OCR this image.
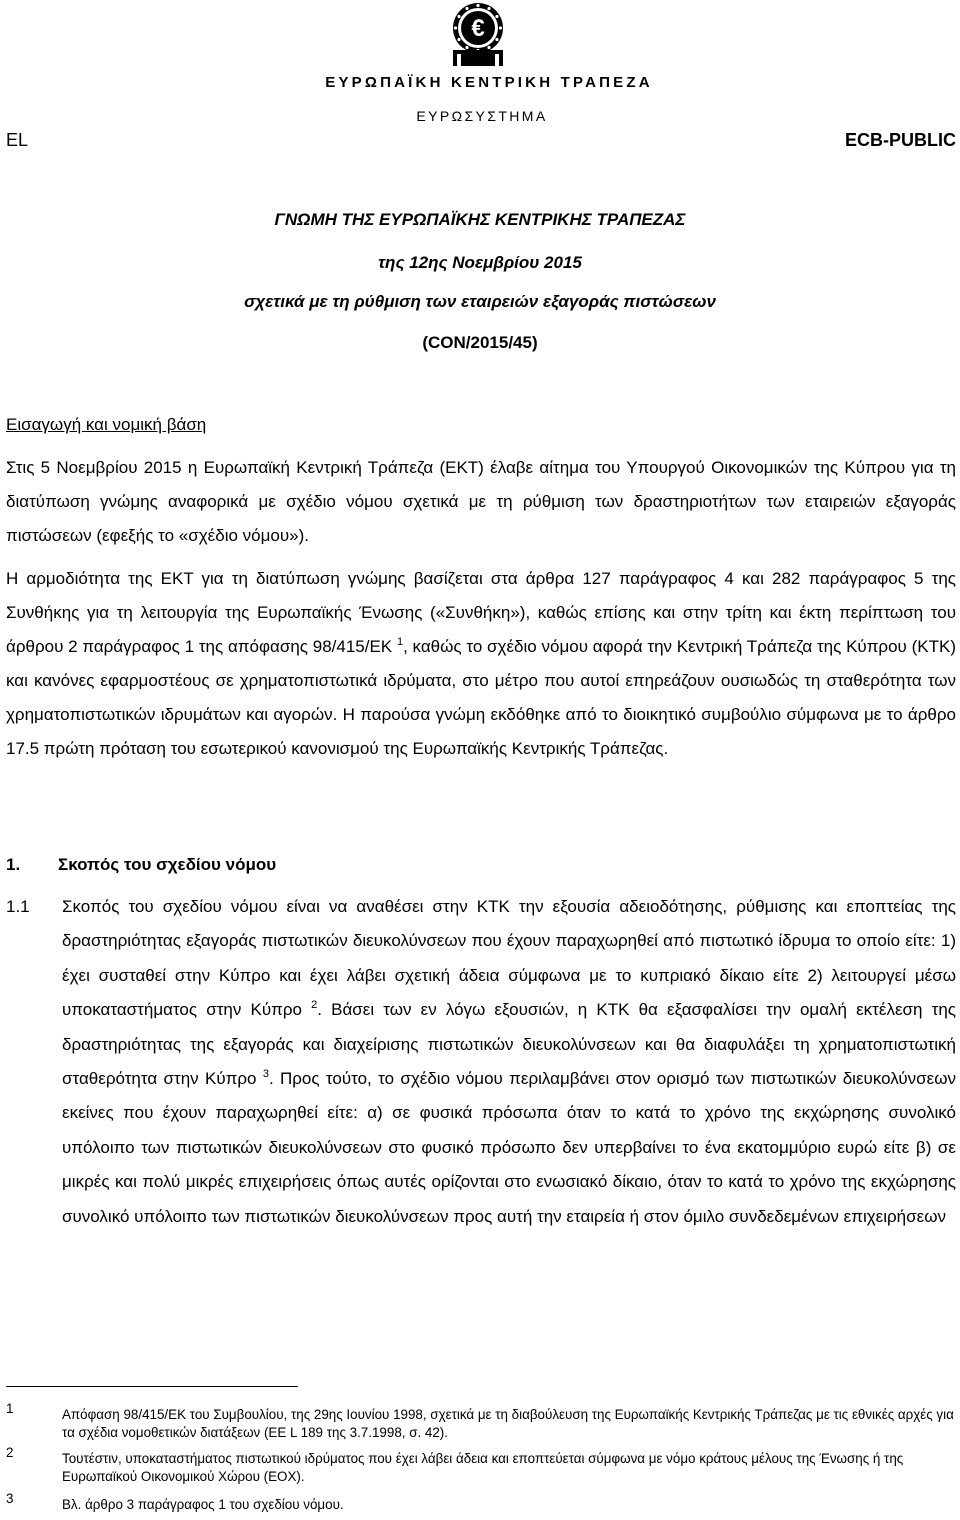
€
ΕΥΡΩΠΑΪΚΗ ΚΕΝΤΡΙΚΗ ΤΡΑΠΕΖΑ
ΕΥΡΩΣΥΣΤΗΜΑ
EL	ECB-PUBLIC
ΓΝΩΜΗ ΤΗΣ ΕΥΡΩΠΑΪΚΗΣ ΚΕΝΤΡΙΚΗΣ ΤΡΑΠΕΖΑΣ
της 12ης Νοεμβρίου 2015
σχετικά με τη ρύθμιση των εταιρειών εξαγοράς πιστώσεων
(CON/2015/45)
Εισαγωγή και νομική βάση

Στις 5 Νοεμβρίου 2015 η Ευρωπαϊκή Κεντρική Τράπεζα (ΕΚΤ) έλαβε αίτημα του Υπουργού Οικονομικών της Κύπρου για τη διατύπωση γνώμης αναφορικά με σχέδιο νόμου σχετικά με τη ρύθμιση των δραστηριοτήτων των εταιρειών εξαγοράς πιστώσεων (εφεξής το «σχέδιο νόμου»).

Η αρμοδιότητα της ΕΚΤ για τη διατύπωση γνώμης βασίζεται στα άρθρα 127 παράγραφος 4 και 282 παράγραφος 5 της Συνθήκης για τη λειτουργία της Ευρωπαϊκής Ένωσης («Συνθήκη»), καθώς επίσης και στην τρίτη και έκτη περίπτωση του άρθρου 2 παράγραφος 1 της απόφασης 98/415/ΕΚ $^1$, καθώς το σχέδιο νόμου αφορά την Κεντρική Τράπεζα της Κύπρου (ΚΤΚ) και κανόνες εφαρμοστέους σε χρηματοπιστωτικά ιδρύματα, στο μέτρο που αυτοί επηρεάζουν ουσιωδώς τη σταθερότητα των χρηματοπιστωτικών ιδρυμάτων και αγορών. Η παρούσα γνώμη εκδόθηκε από το διοικητικό συμβούλιο σύμφωνα με το άρθρο 17.5 πρώτη πρόταση του εσωτερικού κανονισμού της Ευρωπαϊκής Κεντρικής Τράπεζας.

1. Σκοπός του σχεδίου νόμου
1.1 Σκοπός του σχεδίου νόμου είναι να αναθέσει στην ΚΤΚ την εξουσία αδειοδότησης, ρύθμισης και εποπτείας της δραστηριότητας εξαγοράς πιστωτικών διευκολύνσεων που έχουν παραχωρηθεί από πιστωτικό ίδρυμα το οποίο είτε: 1) έχει συσταθεί στην Κύπρο και έχει λάβει σχετική άδεια σύμφωνα με το κυπριακό δίκαιο είτε 2) λειτουργεί μέσω υποκαταστήματος στην Κύπρο $^2$. Βάσει των εν λόγω εξουσιών, η ΚΤΚ θα εξασφαλίσει την ομαλή εκτέλεση της δραστηριότητας της εξαγοράς και διαχείρισης πιστωτικών διευκολύνσεων και θα διαφυλάξει τη χρηματοπιστωτική σταθερότητα στην Κύπρο $^3$. Προς τούτο, το σχέδιο νόμου περιλαμβάνει στον ορισμό των πιστωτικών διευκολύνσεων εκείνες που έχουν παραχωρηθεί είτε: α) σε φυσικά πρόσωπα όταν το κατά το χρόνο της εκχώρησης συνολικό υπόλοιπο των πιστωτικών διευκολύνσεων στο φυσικό πρόσωπο δεν υπερβαίνει το ένα εκατομμύριο ευρώ είτε β) σε μικρές και πολύ μικρές επιχειρήσεις όπως αυτές ορίζονται στο ενωσιακό δίκαιο, όταν το κατά το χρόνο της εκχώρησης συνολικό υπόλοιπο των πιστωτικών διευκολύνσεων προς αυτή την εταιρεία ή στον όμιλο συνδεδεμένων επιχειρήσεων
1	Απόφαση 98/415/ΕΚ του Συμβουλίου, της 29ης Ιουνίου 1998, σχετικά με τη διαβούλευση της Ευρωπαϊκής Κεντρικής Τράπεζας με τις εθνικές αρχές για τα σχέδια νομοθετικών διατάξεων (ΕΕ L 189 της 3.7.1998, σ. 42).
2	Τουτέστιν, υποκαταστήματος πιστωτικού ιδρύματος που έχει λάβει άδεια και εποπτεύεται σύμφωνα με νόμο κράτους μέλους της Ένωσης ή της Ευρωπαϊκού Οικονομικού Χώρου (ΕΟΧ).
3	Βλ. άρθρο 3 παράγραφος 1 του σχεδίου νόμου.
